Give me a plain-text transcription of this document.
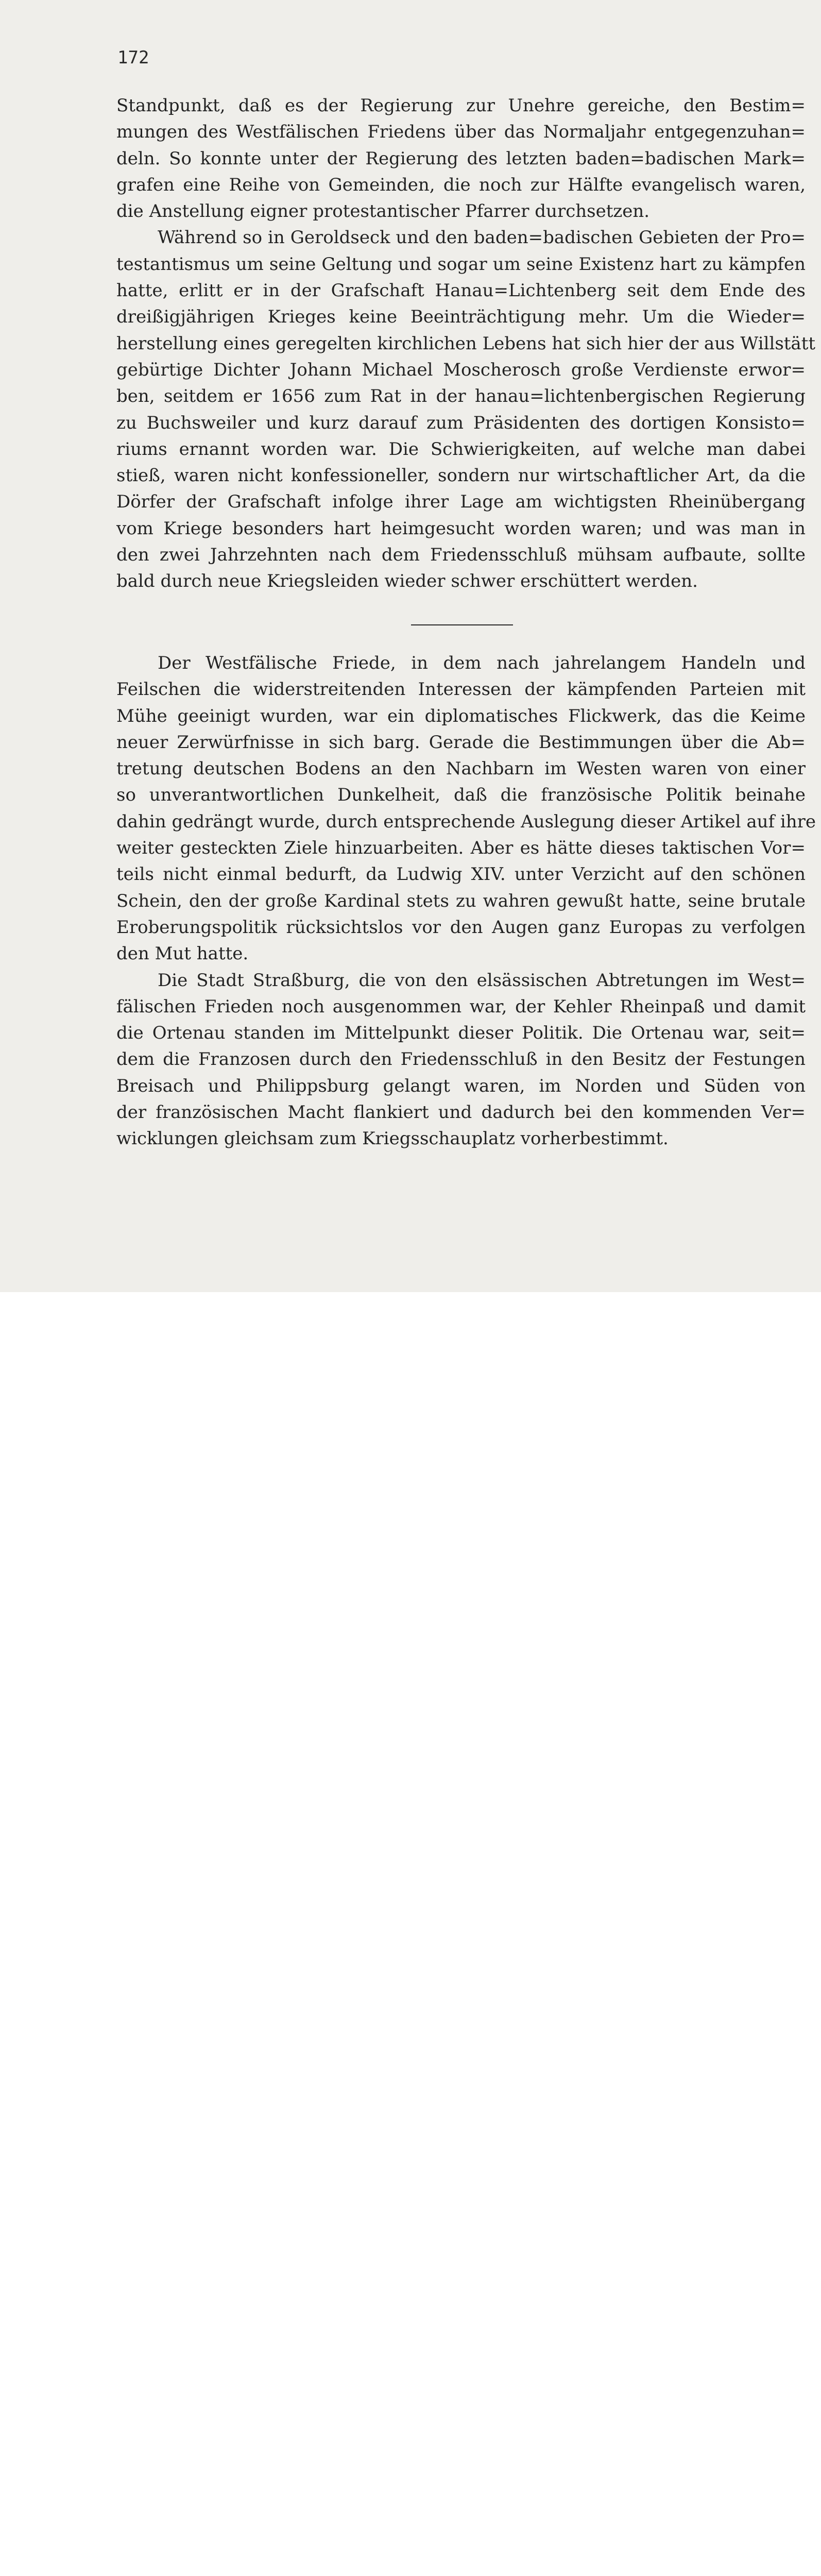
172
Standpunkt, daß es der Regierung zur Unehre gereiche, den Bestim=
mungen des Westfälischen Friedens über das Normaljahr entgegenzuhan=
deln. So konnte unter der Regierung des letzten baden=badischen Mark=
grafen eine Reihe von Gemeinden, die noch zur Hälfte evangelisch waren,
die Anstellung eigner protestantischer Pfarrer durchsetzen.
Während so in Geroldseck und den baden=badischen Gebieten der Pro=
testantismus um seine Geltung und sogar um seine Existenz hart zu kämpfen
hatte, erlitt er in der Grafschaft Hanau=Lichtenberg seit dem Ende des
dreißigjährigen Krieges keine Beeinträchtigung mehr. Um die Wieder=
herstellung eines geregelten kirchlichen Lebens hat sich hier der aus Willstätt
gebürtige Dichter Johann Michael Moscherosch große Verdienste erwor=
ben, seitdem er 1656 zum Rat in der hanau=lichtenbergischen Regierung
zu Buchsweiler und kurz darauf zum Präsidenten des dortigen Konsisto=
riums ernannt worden war. Die Schwierigkeiten, auf welche man dabei
stieß, waren nicht konfessioneller, sondern nur wirtschaftlicher Art, da die
Dörfer der Grafschaft infolge ihrer Lage am wichtigsten Rheinübergang
vom Kriege besonders hart heimgesucht worden waren; und was man in
den zwei Jahrzehnten nach dem Friedensschluß mühsam aufbaute, sollte
bald durch neue Kriegsleiden wieder schwer erschüttert werden.
Der Westfälische Friede, in dem nach jahrelangem Handeln und
Feilschen die widerstreitenden Interessen der kämpfenden Parteien mit
Mühe geeinigt wurden, war ein diplomatisches Flickwerk, das die Keime
neuer Zerwürfnisse in sich barg. Gerade die Bestimmungen über die Ab=
tretung deutschen Bodens an den Nachbarn im Westen waren von einer
so unverantwortlichen Dunkelheit, daß die französische Politik beinahe
dahin gedrängt wurde, durch entsprechende Auslegung dieser Artikel auf ihre
weiter gesteckten Ziele hinzuarbeiten. Aber es hätte dieses taktischen Vor=
teils nicht einmal bedurft, da Ludwig XIV. unter Verzicht auf den schönen
Schein, den der große Kardinal stets zu wahren gewußt hatte, seine brutale
Eroberungspolitik rücksichtslos vor den Augen ganz Europas zu verfolgen
den Mut hatte.
Die Stadt Straßburg, die von den elsässischen Abtretungen im West=
fälischen Frieden noch ausgenommen war, der Kehler Rheinpaß und damit
die Ortenau standen im Mittelpunkt dieser Politik. Die Ortenau war, seit=
dem die Franzosen durch den Friedensschluß in den Besitz der Festungen
Breisach und Philippsburg gelangt waren, im Norden und Süden von
der französischen Macht flankiert und dadurch bei den kommenden Ver=
wicklungen gleichsam zum Kriegsschauplatz vorherbestimmt.
